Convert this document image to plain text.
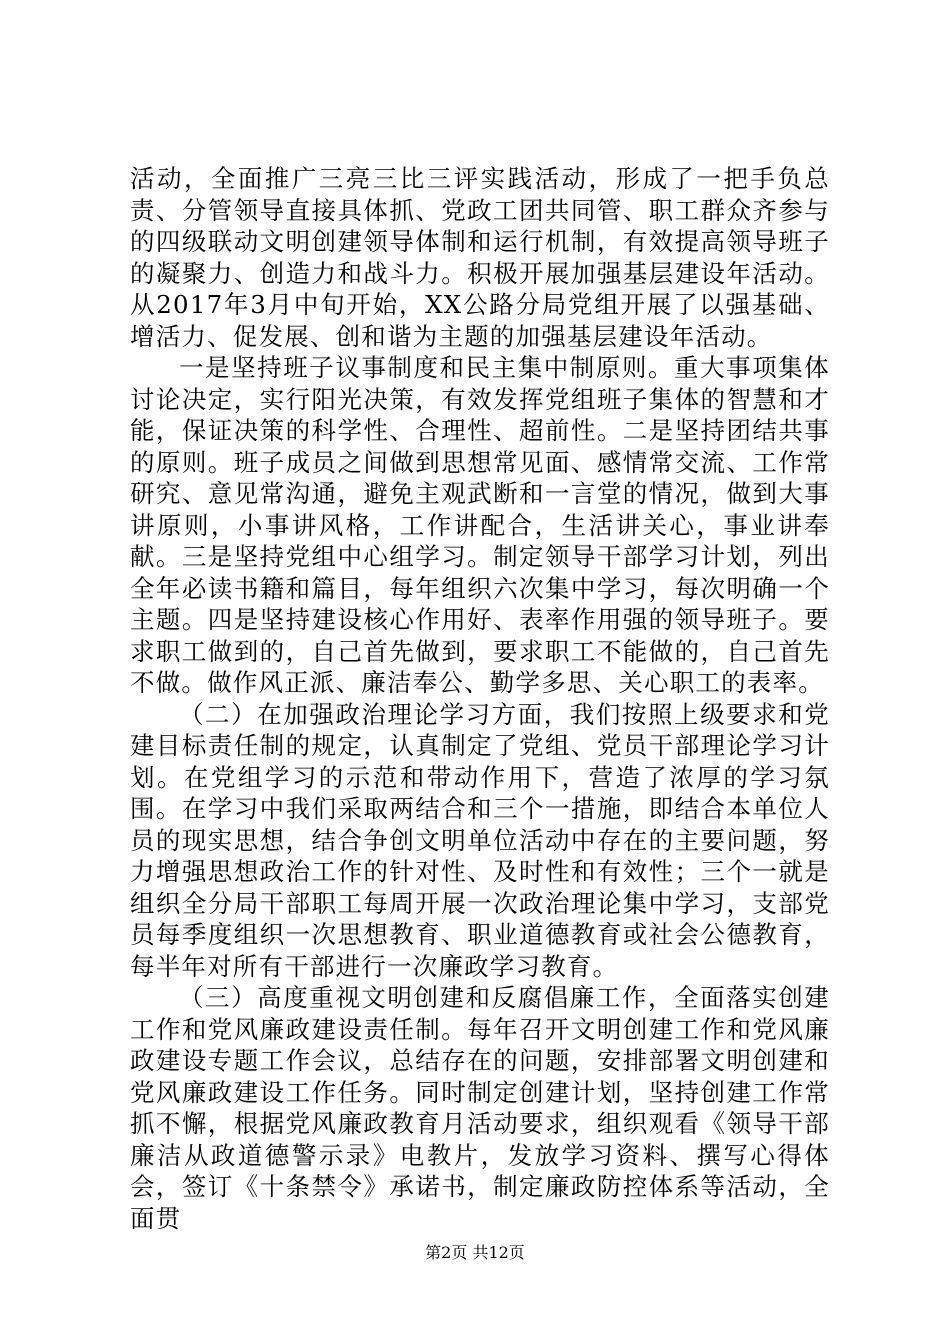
活动，全面推广三亮三比三评实践活动，形成了一把手负总责、分管领导直接具体抓、党政工团共同管、职工群众齐参与的四级联动文明创建领导体制和运行机制，有效提高领导班子的凝聚力、创造力和战斗力。积极开展加强基层建设年活动。从2017年3月中旬开始，XX公路分局党组开展了以强基础、增活力、促发展、创和谐为主题的加强基层建设年活动。

一是坚持班子议事制度和民主集中制原则。重大事项集体讨论决定，实行阳光决策，有效发挥党组班子集体的智慧和才能，保证决策的科学性、合理性、超前性。二是坚持团结共事的原则。班子成员之间做到思想常见面、感情常交流、工作常研究、意见常沟通，避免主观武断和一言堂的情况，做到大事讲原则，小事讲风格，工作讲配合，生活讲关心，事业讲奉献。三是坚持党组中心组学习。制定领导干部学习计划，列出全年必读书籍和篇目，每年组织六次集中学习，每次明确一个主题。四是坚持建设核心作用好、表率作用强的领导班子。要求职工做到的，自己首先做到，要求职工不能做的，自己首先不做。做作风正派、廉洁奉公、勤学多思、关心职工的表率。

（二）在加强政治理论学习方面，我们按照上级要求和党建目标责任制的规定，认真制定了党组、党员干部理论学习计划。在党组学习的示范和带动作用下，营造了浓厚的学习氛围。在学习中我们采取两结合和三个一措施，即结合本单位人员的现实思想，结合争创文明单位活动中存在的主要问题，努力增强思想政治工作的针对性、及时性和有效性；三个一就是组织全分局干部职工每周开展一次政治理论集中学习，支部党员每季度组织一次思想教育、职业道德教育或社会公德教育，每半年对所有干部进行一次廉政学习教育。

（三）高度重视文明创建和反腐倡廉工作，全面落实创建工作和党风廉政建设责任制。每年召开文明创建工作和党风廉政建设专题工作会议，总结存在的问题，安排部署文明创建和党风廉政建设工作任务。同时制定创建计划，坚持创建工作常抓不懈，根据党风廉政教育月活动要求，组织观看《领导干部廉洁从政道德警示录》电教片，发放学习资料、撰写心得体会，签订《十条禁令》承诺书，制定廉政防控体系等活动，全面贯

第2页 共12页
